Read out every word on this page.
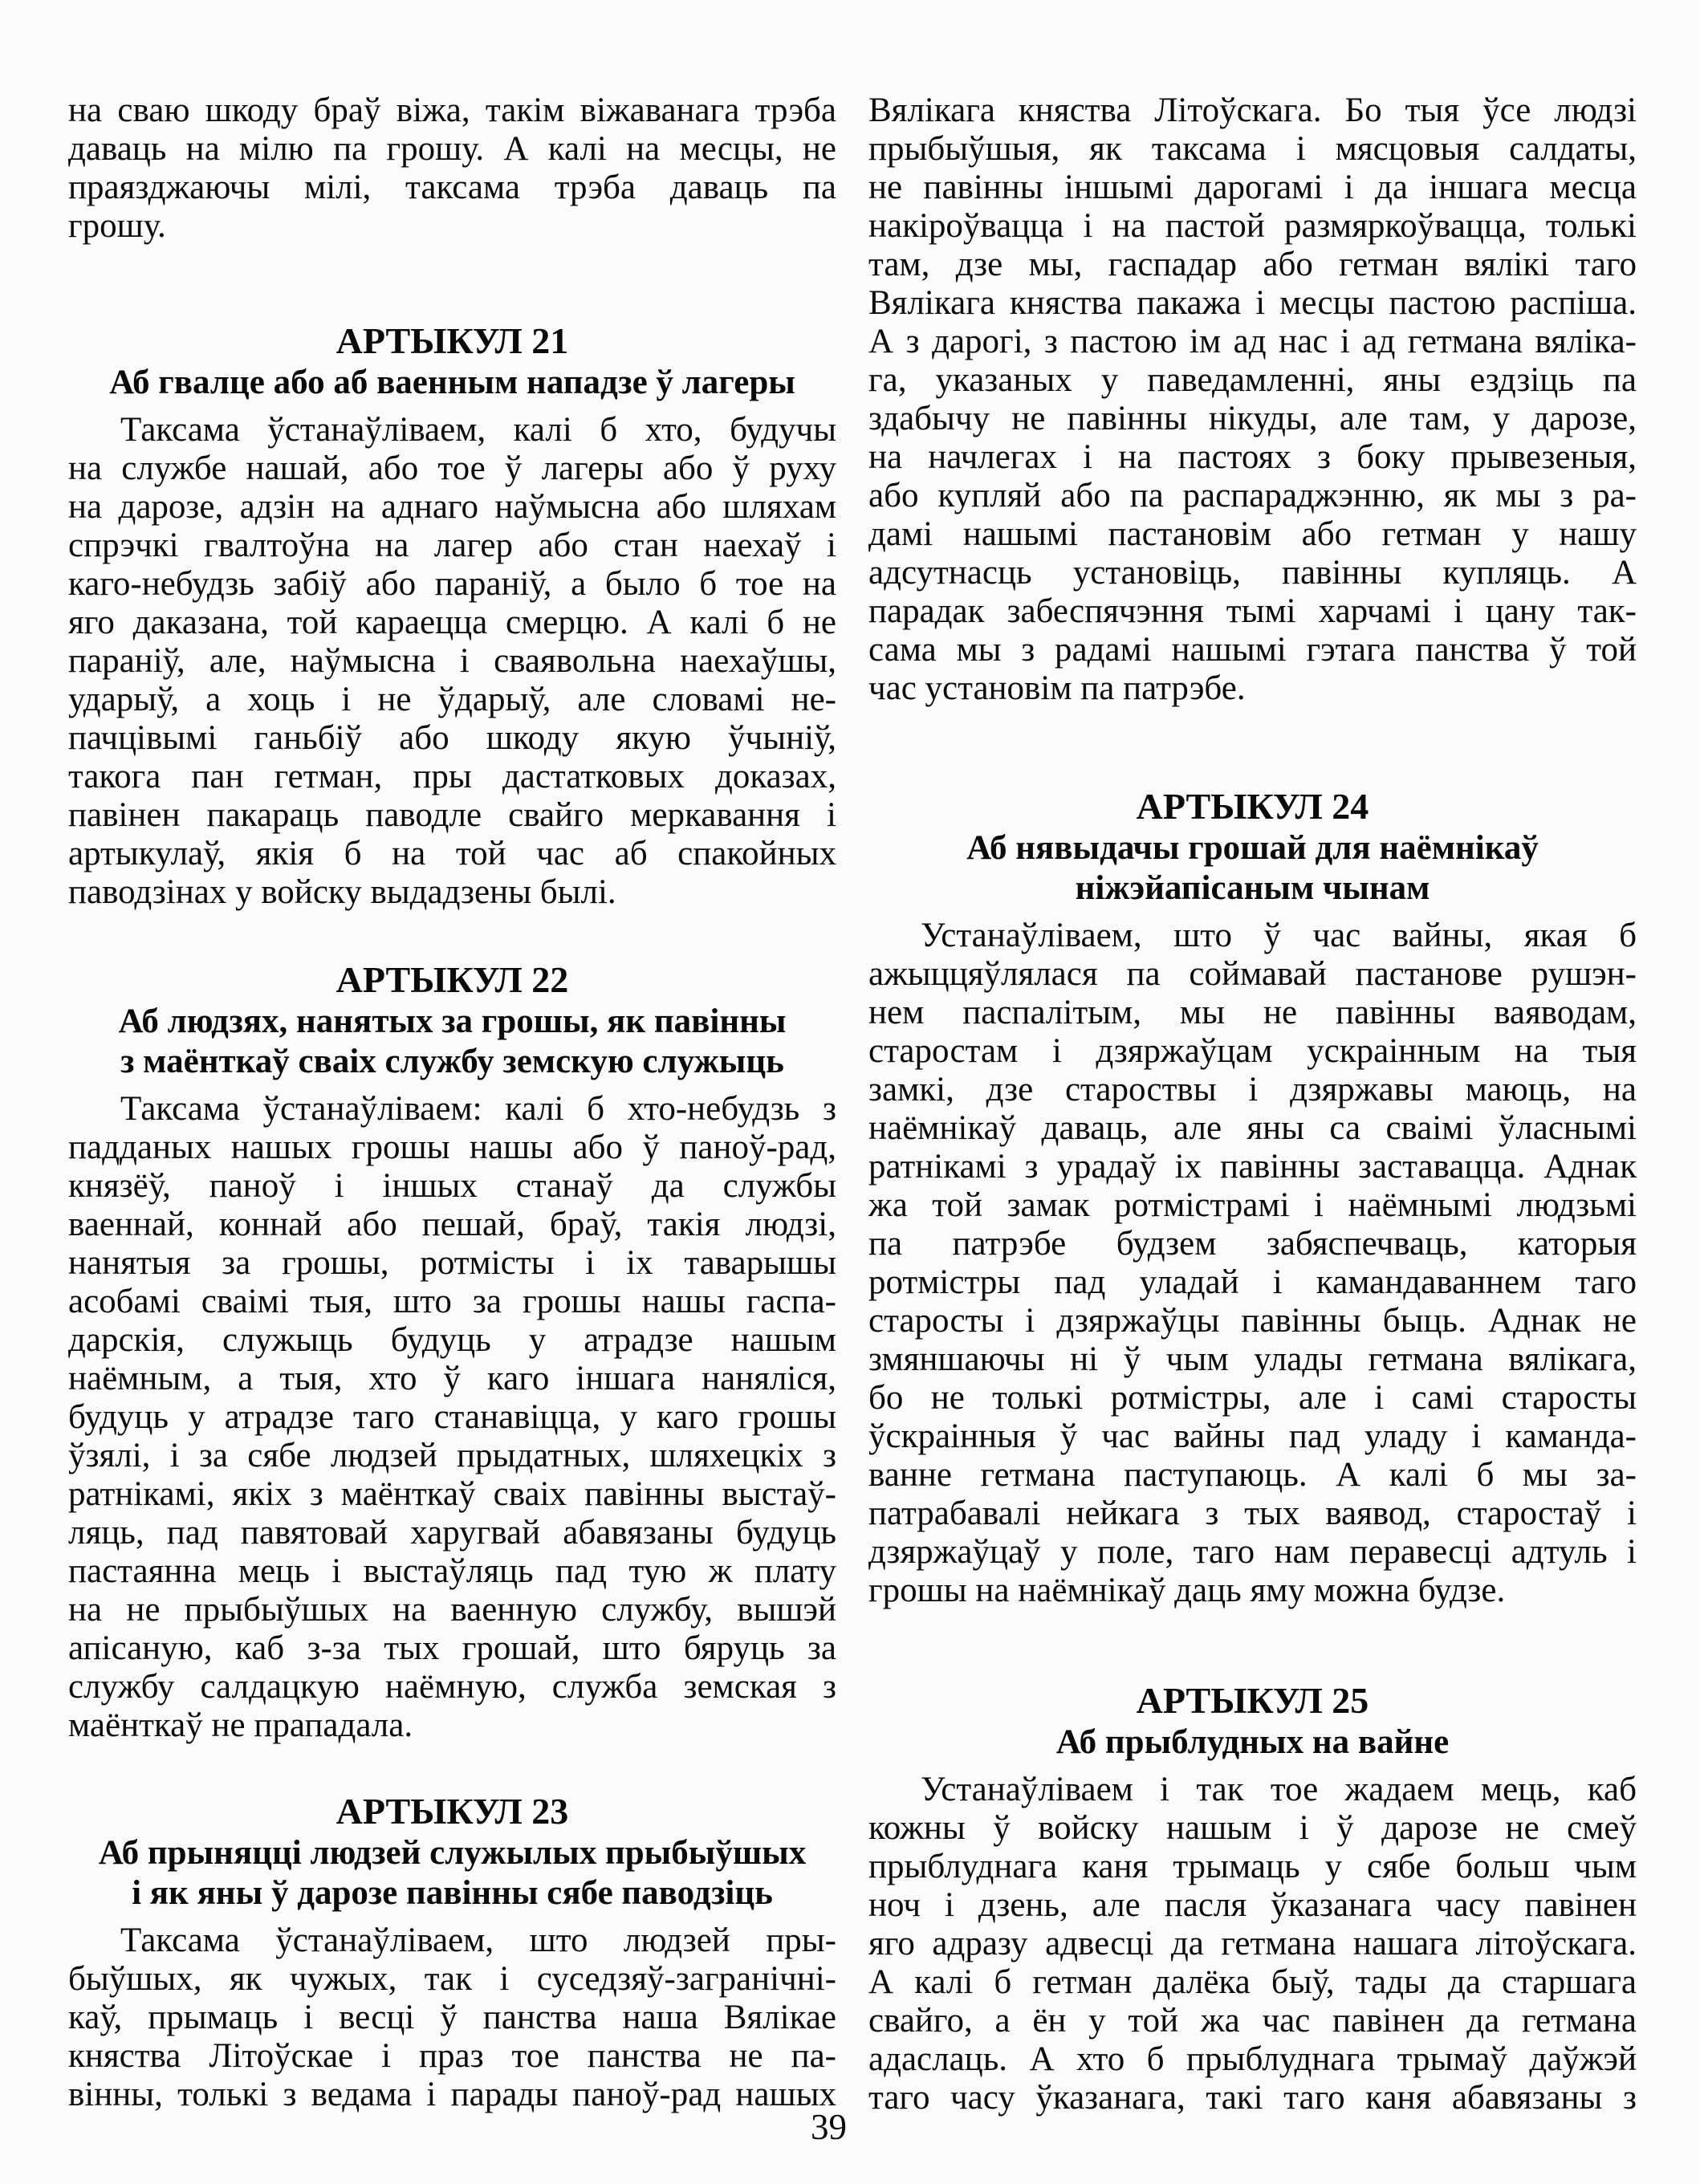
на сваю шкоду браў віжа, такім віжаванага трэба
даваць на мілю па грошу. А калі на месцы, не
праязджаючы мілі, таксама трэба даваць па
грошу.
АРТЫКУЛ 21
Аб гвалце або аб ваенным нападзе ў лагеры
Таксама ўстанаўліваем, калі б хто, будучы
на службе нашай, або тое ў лагеры або ў руху
на дарозе, адзін на аднаго наўмысна або шляхам
спрэчкі гвалтоўна на лагер або стан наехаў і
каго-небудзь забіў або параніў, а было б тое на
яго даказана, той караецца смерцю. А калі б не
параніў, але, наўмысна і сваявольна наехаўшы,
ударыў, а хоць і не ўдарыў, але словамі не-
пачцівымі ганьбіў або шкоду якую ўчыніў,
такога пан гетман, пры дастатковых доказах,
павінен пакараць паводле свайго меркавання і
артыкулаў, якія б на той час аб спакойных
паводзінах у войску выдадзены былі.
АРТЫКУЛ 22
Аб людзях, нанятых за грошы, як павінны
з маёнткаў сваіх службу земскую служыць
Таксама ўстанаўліваем: калі б хто-небудзь з
падданых нашых грошы нашы або ў паноў-рад,
князёў, паноў і іншых станаў да службы
ваеннай, коннай або пешай, браў, такія людзі,
нанятыя за грошы, ротмісты і іх таварышы
асобамі сваімі тыя, што за грошы нашы гаспа-
дарскія, служыць будуць у атрадзе нашым
наёмным, а тыя, хто ў каго іншага наняліся,
будуць у атрадзе таго станавіцца, у каго грошы
ўзялі, і за сябе людзей прыдатных, шляхецкіх з
ратнікамі, якіх з маёнткаў сваіх павінны выстаў-
ляць, пад павятовай харугвай абавязаны будуць
пастаянна мець і выстаўляць пад тую ж плату
на не прыбыўшых на ваенную службу, вышэй
апісаную, каб з-за тых грошай, што бяруць за
службу салдацкую наёмную, служба земская з
маёнткаў не прападала.
АРТЫКУЛ 23
Аб прыняцці людзей служылых прыбыўшых
і як яны ў дарозе павінны сябе паводзіць
Таксама ўстанаўліваем, што людзей пры-
быўшых, як чужых, так і суседзяў-загранічні-
каў, прымаць і весці ў панства наша Вялікае
княства Літоўскае і праз тое панства не па-
вінны, толькі з ведама і парады паноў-рад нашых
Вялікага княства Літоўскага. Бо тыя ўсе людзі
прыбыўшыя, як таксама і мясцовыя салдаты,
не павінны іншымі дарогамі і да іншага месца
накіроўвацца і на пастой размяркоўвацца, толькі
там, дзе мы, гаспадар або гетман вялікі таго
Вялікага княства пакажа і месцы пастою распіша.
А з дарогі, з пастою ім ад нас і ад гетмана вяліка-
га, указаных у паведамленні, яны ездзіць па
здабычу не павінны нікуды, але там, у дарозе,
на начлегах і на пастоях з боку прывезеныя,
або купляй або па распараджэнню, як мы з ра-
дамі нашымі пастановім або гетман у нашу
адсутнасць установіць, павінны купляць. А
парадак забеспячэння тымі харчамі і цану так-
сама мы з радамі нашымі гэтага панства ў той
час установім па патрэбе.
АРТЫКУЛ 24
Аб нявыдачы грошай для наёмнікаў
ніжэйапісаным чынам
Устанаўліваем, што ў час вайны, якая б
ажыццяўлялася па соймавай пастанове рушэн-
нем паспалітым, мы не павінны ваяводам,
старостам і дзяржаўцам ускраінным на тыя
замкі, дзе староствы і дзяржавы маюць, на
наёмнікаў даваць, але яны са сваімі ўласнымі
ратнікамі з урадаў іх павінны заставацца. Аднак
жа той замак ротмістрамі і наёмнымі людзьмі
па патрэбе будзем забяспечваць, каторыя
ротмістры пад уладай і камандаваннем таго
старосты і дзяржаўцы павінны быць. Аднак не
змяншаючы ні ў чым улады гетмана вялікага,
бо не толькі ротмістры, але і самі старосты
ўскраінныя ў час вайны пад уладу і каманда-
ванне гетмана паступаюць. А калі б мы за-
патрабавалі нейкага з тых ваявод, старостаў і
дзяржаўцаў у поле, таго нам перавесці адтуль і
грошы на наёмнікаў даць яму можна будзе.
АРТЫКУЛ 25
Аб прыблудных на вайне
Устанаўліваем і так тое жадаем мець, каб
кожны ў войску нашым і ў дарозе не смеў
прыблуднага каня трымаць у сябе больш чым
ноч і дзень, але пасля ўказанага часу павінен
яго адразу адвесці да гетмана нашага літоўскага.
А калі б гетман далёка быў, тады да старшага
свайго, а ён у той жа час павінен да гетмана
адаслаць. А хто б прыблуднага трымаў даўжэй
таго часу ўказанага, такі таго каня абавязаны з
39
